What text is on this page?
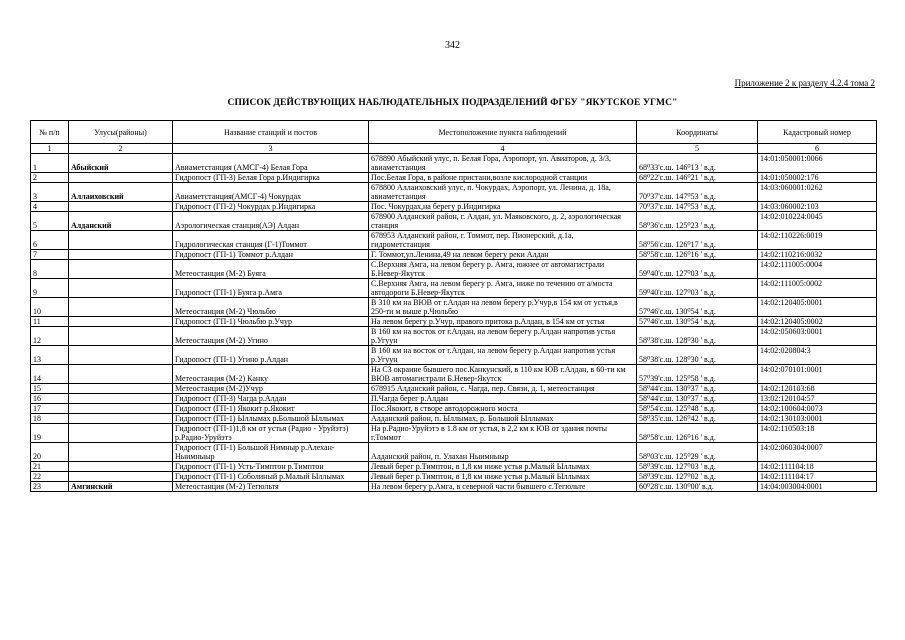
342
Приложение 2 к разделу 4.2.4 тома 2
СПИСОК ДЕЙСТВУЮЩИХ НАБЛЮДАТЕЛЬНЫХ ПОДРАЗДЕЛЕНИЙ ФГБУ "ЯКУТСКОЕ УГМС"
№ п/п	Улусы(районы)	Название станций и постов	Местоположение пункта наблюдений	Координаты	Кадастровый номер
1	2	3	4	5	6
1	Абыйский	Авиаметстанция (АМСГ-4) Белая Гора	678890 Абыйский улус, п. Белая Гора, Аэропорт, ул. Авиаторов, д. 3/3, авиаметстанция	68⁰33'с.ш. 146⁰13 ' в.д.	14:01:050001:0066
2		Гидропост (ГП-3) Белая Гора р.Индигирка	Пос.Белая Гора, в районе пристани,возле кислородной станции	68⁰22'с.ш. 146⁰21 ' в.д.	14:01:050002:176
3	Аллаиховский	Авиаметстанция(АМСГ-4) Чокурдах	678800 Аллаиховский улус, п. Чокурдах, Аэропорт, ул. Ленина, д. 18а, авиаметстанция	70⁰37'с.ш. 147⁰53 ' в.д.	14:03:060001:0262
4		Гидропост (ГП-2) Чокурдах р.Индигирка	Пос. Чокурдах,на берегу р.Индигирка	70⁰37'с.ш. 147⁰53 ' в.д.	14:03:060002:103
5	Алданский	Аэрологическая станция(АЭ) Алдан	678900 Алданский район, г. Алдан, ул. Маяковского, д. 2, аэрологическая станция	58⁰36'с.ш. 125⁰23 ' в.д.	14:02:010224:0045
6		Гидрологическая станция (Г-1)Томмот	678953 Алданский район, г. Томмот, пер. Пионерский, д.1а, гидрометстанция	58⁰56'с.ш. 126⁰17 ' в.д.	14:02:110226:0019
7		Гидропост (ГП-1) Томмот р.Алдан	Г. Томмот,ул.Ленина,49 на левом берегу реки Алдан	58⁰58'с.ш. 126⁰16 ' в.д.	14:02:110216:0032
8		Метеостанция (М-2) Буяга	С.Верхняя Амга, на левом берегу р. Амга, южнее от автомагистрали Б.Невер-Якутск	59⁰40'с.ш. 127⁰03 ' в.д.	14:02:111005:0004
9		Гидропост (ГП-1) Буяга р.Амга	С.Верхняя Амга, на левом берегу р. Амга, ниже по течению от а/моста автодороги Б.Невер-Якутск	59⁰40'с.ш. 127⁰03 ' в.д.	14:02:111005:0002
10		Метеостанция (М-2) Чюльбю	В 310 км на ВЮВ от г.Алдан на левом берегу р.Учур,в 154 км от устья,в 250-ти м выше р.Чюльбю	57⁰46'с.ш. 130⁰54 ' в.д.	14:02:120405:0001
11		Гидропост (ГП-1) Чюльбю р.Учур	На левом берегу р.Учур, правого притока р.Алдан, в 154 км от устья	57⁰46'с.ш. 130⁰54 ' в.д.	14:02:120405:0002
12		Метеостанция (М-2) Угино	В 160 км на восток от г.Алдан, на левом берегу р.Алдан напротив устья р.Угуун	58⁰38'с.ш. 128⁰30 ' в.д.	14:02:050603:0001
13		Гидропост (ГП-1) Угино р.Алдан	В 160 км на восток от г.Алдан, на левом берегу р.Алдан напротив устья р.Угуун	58⁰38'с.ш. 128⁰30 ' в.д.	14:02:020804:3
14		Метеостанция (М-2) Канку	На СЗ окраине бывшего пос.Канкунский, в 110 км ЮВ г.Алдан, в 60-ти км ВЮВ автомагистрали Б.Невер-Якутск	57⁰39'с.ш. 125⁰58 ' в.д.	14:02:070101:0001
15		Метеостанция (М-2)Учур	678915 Алданский район, с. Чагда, пер. Связи, д. 1, метеостанция	58⁰44'с.ш. 130⁰37 ' в.д.	14:02:120103:68
16		Гидропост (ГП-3) Чагда р.Алдан	П.Чагда берег р.Алдан	58⁰44'с.ш. 130⁰37 ' в.д.	13:02:120104:57
17		Гидропост (ГП-1) Якокит р.Якокит	Пос.Якокит, в створе автодорожного моста	58⁰54'с.ш. 125⁰48 ' в.д.	14:02:100604:0073
18		Гидропост (ГП-1) Ыллымах р.Большой Ыллымах	Алданский район, п. Ыллымах, р. Большой Ыллымах	58⁰35'с.ш. 126⁰42 ' в.д.	14:02:130103:0001
19		Гидропост (ГП-1)1,8 км от устья (Радио - Уруйэтэ) р.Радио-Уруйэтэ	На р.Радио-Уруйэтэ в 1.8 км от устья, в 2,2 км к ЮВ от здания почты г.Томмот	58⁰58'с.ш. 126⁰16 ' в.д.	14:02:110503:18
20		Гидропост (ГП-1) Большой Нимныр р.Алехан-Ныимныыр	Алданский район, п. Улахан Ныимныыр	58⁰03'с.ш. 125⁰29 ' в.д.	14:02:060304:0007
21		Гидропост (ГП-1) Усть-Тимптон р.Тимптон	Левый берег р.Тимптон, в 1,8 км ниже устья р.Малый Ыллымах	58⁰39'с.ш. 127⁰03 ' в.д.	14:02:111104:18
22		Гидропост (ГП-1) Соболиный р.Малый Ыллымах	Левый берег р.Тимптон, в 1,8 км ниже устья р.Малый Ыллымах	58⁰39'с.ш. 127⁰02 ' в.д.	14:02:111104:17
23	Амгинский	Метеостанция (М-2) Тегюльтя	На левом берегу р.Амга, в северной части бывшего с.Тегюльте	60⁰28'с.ш. 130⁰00' в.д.	14:04:003004:0001
